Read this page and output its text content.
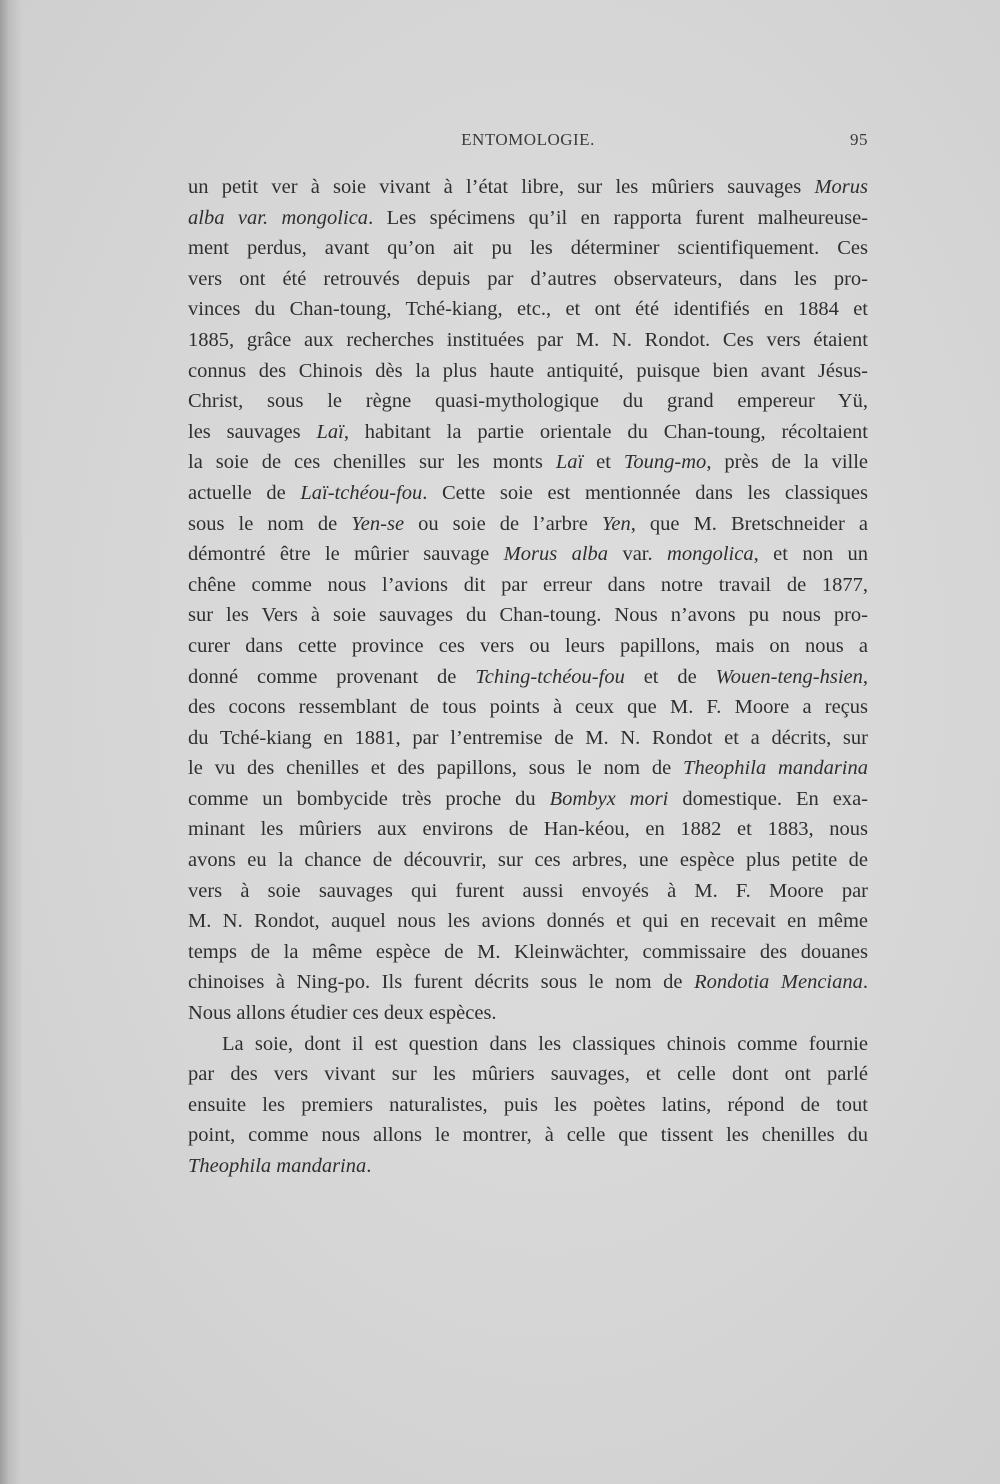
ENTOMOLOGIE.	95
un petit ver à soie vivant à l’état libre, sur les mûriers sauvages Morus
alba var. mongolica. Les spécimens qu’il en rapporta furent malheureuse-
ment perdus, avant qu’on ait pu les déterminer scientifiquement. Ces
vers ont été retrouvés depuis par d’autres observateurs, dans les pro-
vinces du Chan-toung, Tché-kiang, etc., et ont été identifiés en 1884 et
1885, grâce aux recherches instituées par M. N. Rondot. Ces vers étaient
connus des Chinois dès la plus haute antiquité, puisque bien avant Jésus-
Christ, sous le règne quasi-mythologique du grand empereur Yü,
les sauvages Laï, habitant la partie orientale du Chan-toung, récoltaient
la soie de ces chenilles sur les monts Laï et Toung-mo, près de la ville
actuelle de Laï-tchéou-fou. Cette soie est mentionnée dans les classiques
sous le nom de Yen-se ou soie de l’arbre Yen, que M. Bretschneider a
démontré être le mûrier sauvage Morus alba var. mongolica, et non un
chêne comme nous l’avions dit par erreur dans notre travail de 1877,
sur les Vers à soie sauvages du Chan-toung. Nous n’avons pu nous pro-
curer dans cette province ces vers ou leurs papillons, mais on nous a
donné comme provenant de Tching-tchéou-fou et de Wouen-teng-hsien,
des cocons ressemblant de tous points à ceux que M. F. Moore a reçus
du Tché-kiang en 1881, par l’entremise de M. N. Rondot et a décrits, sur
le vu des chenilles et des papillons, sous le nom de Theophila mandarina
comme un bombycide très proche du Bombyx mori domestique. En exa-
minant les mûriers aux environs de Han-kéou, en 1882 et 1883, nous
avons eu la chance de découvrir, sur ces arbres, une espèce plus petite de
vers à soie sauvages qui furent aussi envoyés à M. F. Moore par
M. N. Rondot, auquel nous les avions donnés et qui en recevait en même
temps de la même espèce de M. Kleinwächter, commissaire des douanes
chinoises à Ning-po. Ils furent décrits sous le nom de Rondotia Menciana.
Nous allons étudier ces deux espèces.
La soie, dont il est question dans les classiques chinois comme fournie
par des vers vivant sur les mûriers sauvages, et celle dont ont parlé
ensuite les premiers naturalistes, puis les poètes latins, répond de tout
point, comme nous allons le montrer, à celle que tissent les chenilles du
Theophila mandarina.
